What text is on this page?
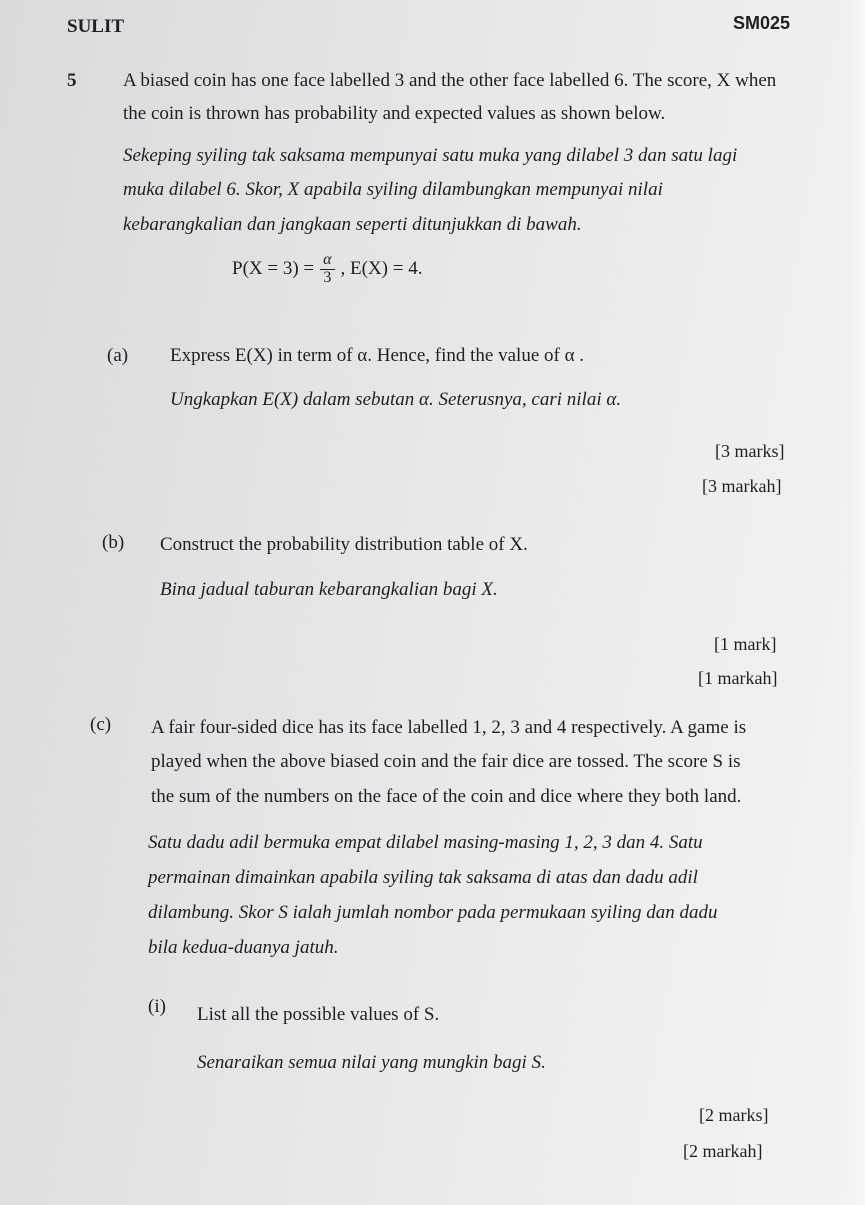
SULIT	SM025
5 A biased coin has one face labelled 3 and the other face labelled 6. The score, X when
the coin is thrown has probability and expected values as shown below.
Sekeping syiling tak saksama mempunyai satu muka yang dilabel 3 dan satu lagi
muka dilabel 6. Skor, X apabila syiling dilambungkan mempunyai nilai
kebarangkalian dan jangkaan seperti ditunjukkan di bawah.
$P(X = 3) = \frac{\alpha}{3}$ , E(X) = 4.
(a) Express E(X) in term of α. Hence, find the value of α .
Ungkapkan E(X) dalam sebutan α. Seterusnya, cari nilai α.
[3 marks]
[3 markah]
(b) Construct the probability distribution table of X.
Bina jadual taburan kebarangkalian bagi X.
[1 mark]
[1 markah]
(c) A fair four-sided dice has its face labelled 1, 2, 3 and 4 respectively. A game is
played when the above biased coin and the fair dice are tossed. The score S is
the sum of the numbers on the face of the coin and dice where they both land.
Satu dadu adil bermuka empat dilabel masing-masing 1, 2, 3 dan 4. Satu
permainan dimainkan apabila syiling tak saksama di atas dan dadu adil
dilambung. Skor S ialah jumlah nombor pada permukaan syiling dan dadu
bila kedua-duanya jatuh.
(i) List all the possible values of S.
Senaraikan semua nilai yang mungkin bagi S.
[2 marks]
[2 markah]
